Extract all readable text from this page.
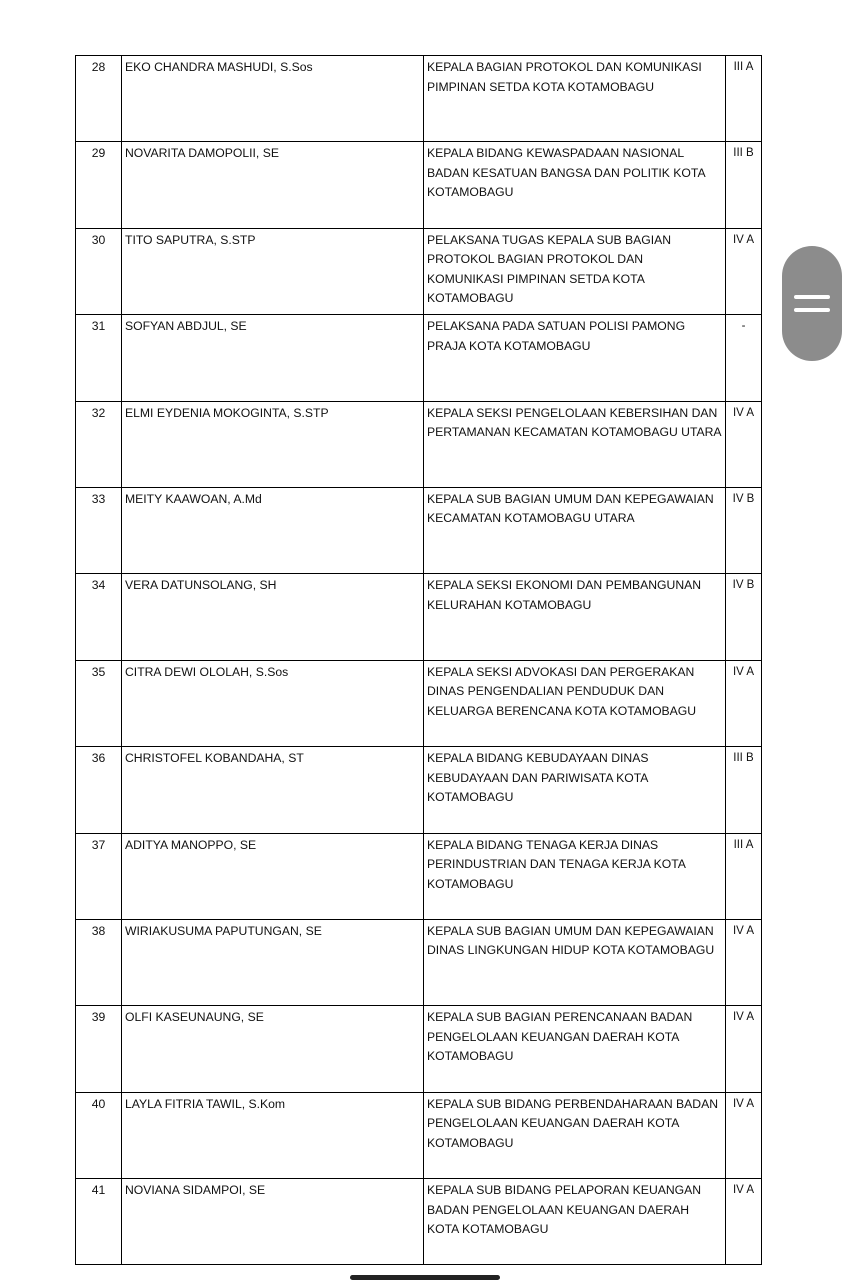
28	EKO CHANDRA MASHUDI, S.Sos	KEPALA BAGIAN PROTOKOL DAN KOMUNIKASI PIMPINAN SETDA KOTA KOTAMOBAGU	III A
29	NOVARITA DAMOPOLII, SE	KEPALA BIDANG KEWASPADAAN NASIONAL BADAN KESATUAN BANGSA DAN POLITIK KOTA KOTAMOBAGU	III B
30	TITO SAPUTRA, S.STP	PELAKSANA TUGAS KEPALA SUB BAGIAN PROTOKOL BAGIAN PROTOKOL DAN KOMUNIKASI PIMPINAN SETDA KOTA KOTAMOBAGU	IV A
31	SOFYAN ABDJUL, SE	PELAKSANA PADA SATUAN POLISI PAMONG PRAJA KOTA KOTAMOBAGU	-
32	ELMI EYDENIA MOKOGINTA, S.STP	KEPALA SEKSI PENGELOLAAN KEBERSIHAN DAN PERTAMANAN KECAMATAN KOTAMOBAGU UTARA	IV A
33	MEITY KAAWOAN, A.Md	KEPALA SUB BAGIAN UMUM DAN KEPEGAWAIAN KECAMATAN KOTAMOBAGU UTARA	IV B
34	VERA DATUNSOLANG, SH	KEPALA SEKSI EKONOMI DAN PEMBANGUNAN KELURAHAN KOTAMOBAGU	IV B
35	CITRA DEWI OLOLAH, S.Sos	KEPALA SEKSI ADVOKASI DAN PERGERAKAN DINAS PENGENDALIAN PENDUDUK DAN KELUARGA BERENCANA KOTA KOTAMOBAGU	IV A
36	CHRISTOFEL KOBANDAHA, ST	KEPALA BIDANG KEBUDAYAAN DINAS KEBUDAYAAN DAN PARIWISATA KOTA KOTAMOBAGU	III B
37	ADITYA MANOPPO, SE	KEPALA BIDANG TENAGA KERJA DINAS PERINDUSTRIAN DAN TENAGA KERJA KOTA KOTAMOBAGU	III A
38	WIRIAKUSUMA PAPUTUNGAN, SE	KEPALA SUB BAGIAN UMUM DAN KEPEGAWAIAN DINAS LINGKUNGAN HIDUP KOTA KOTAMOBAGU	IV A
39	OLFI KASEUNAUNG, SE	KEPALA SUB BAGIAN PERENCANAAN BADAN PENGELOLAAN KEUANGAN DAERAH KOTA KOTAMOBAGU	IV A
40	LAYLA FITRIA TAWIL, S.Kom	KEPALA SUB BIDANG PERBENDAHARAAN BADAN PENGELOLAAN KEUANGAN DAERAH KOTA KOTAMOBAGU	IV A
41	NOVIANA SIDAMPOI, SE	KEPALA SUB BIDANG PELAPORAN KEUANGAN BADAN PENGELOLAAN KEUANGAN DAERAH KOTA KOTAMOBAGU	IV A
